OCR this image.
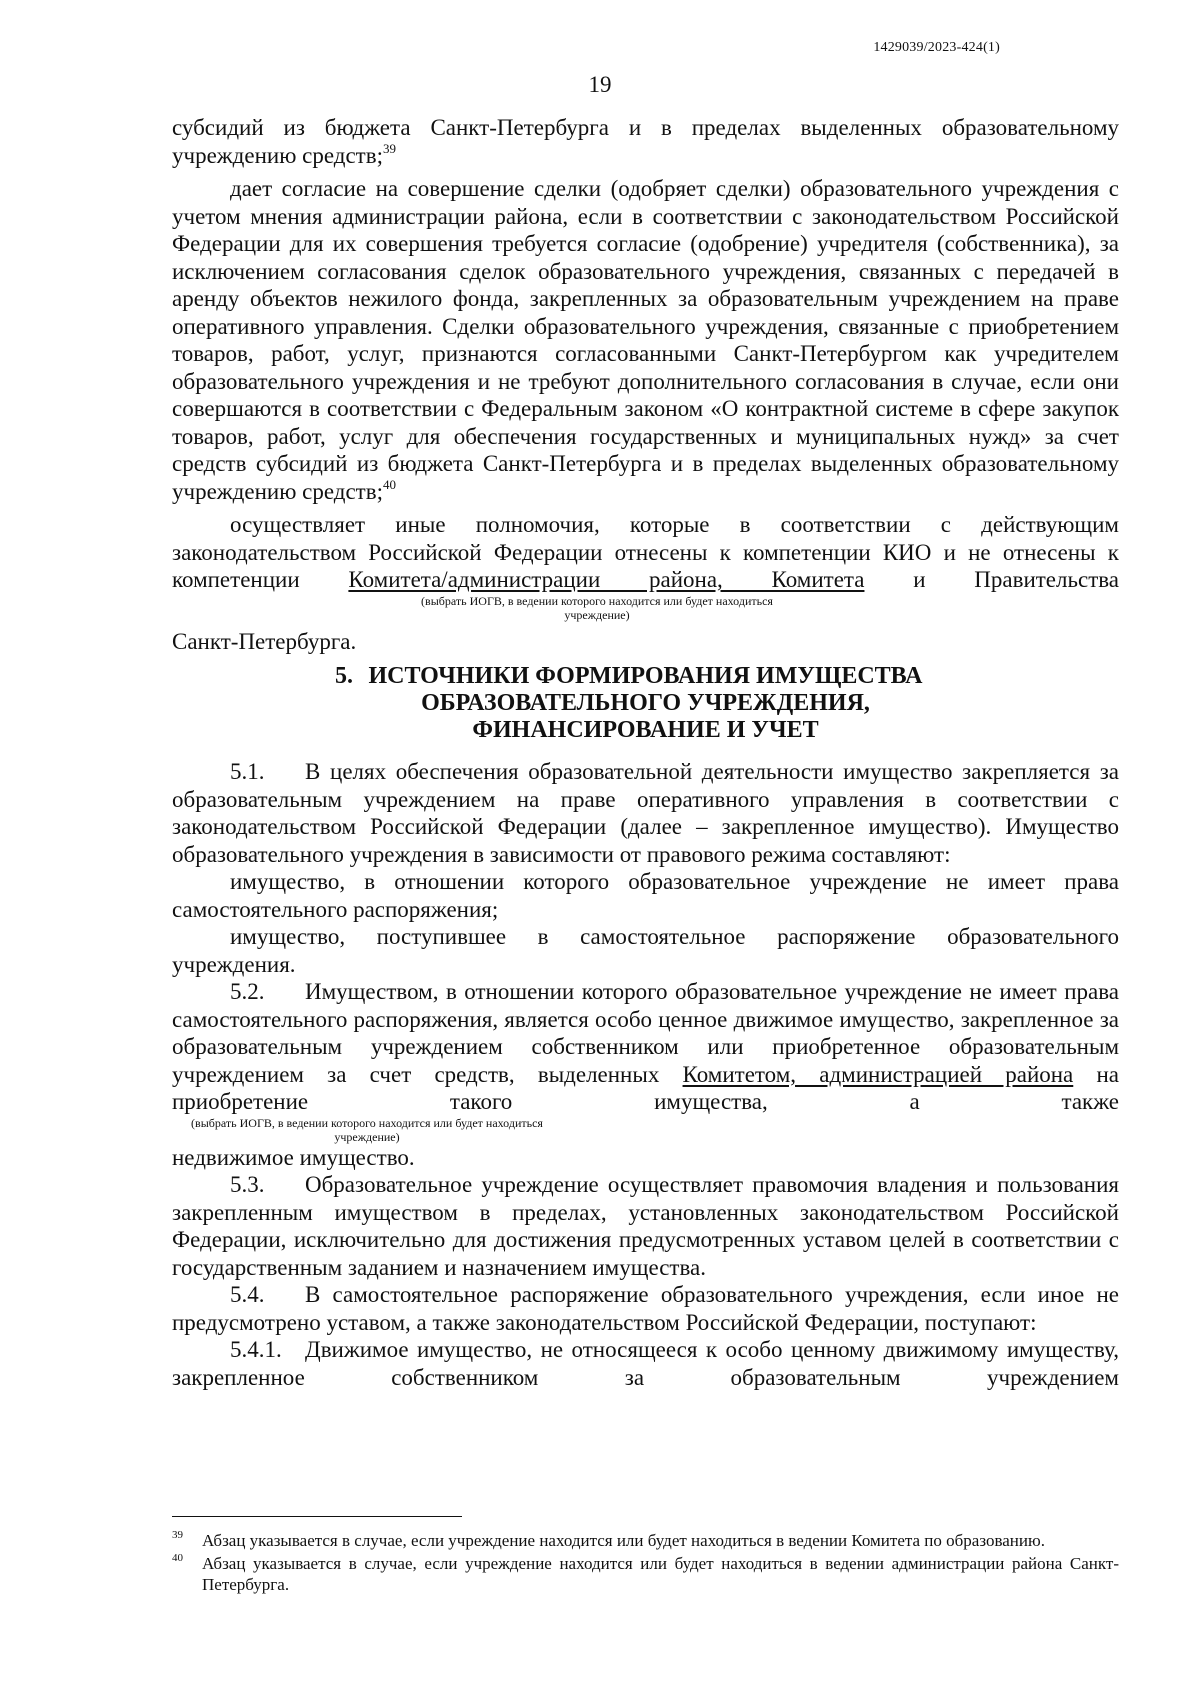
1429039/2023-424(1)
19

субсидий из бюджета Санкт-Петербурга и в пределах выделенных образовательному учреждению средств;$^{39}$

дает согласие на совершение сделки (одобряет сделки) образовательного учреждения с учетом мнения администрации района, если в соответствии с законодательством Российской Федерации для их совершения требуется согласие (одобрение) учредителя (собственника), за исключением согласования сделок образовательного учреждения, связанных с передачей в аренду объектов нежилого фонда, закрепленных за образовательным учреждением на праве оперативного управления. Сделки образовательного учреждения, связанные с приобретением товаров, работ, услуг, признаются согласованными Санкт-Петербургом как учредителем образовательного учреждения и не требуют дополнительного согласования в случае, если они совершаются в соответствии с Федеральным законом «О контрактной системе в сфере закупок товаров, работ, услуг для обеспечения государственных и муниципальных нужд» за счет средств субсидий из бюджета Санкт-Петербурга и в пределах выделенных образовательному учреждению средств;$^{40}$

осуществляет иные полномочия, которые в соответствии с действующим законодательством Российской Федерации отнесены к компетенции КИО и не отнесены к компетенции Комитета/администрации района, Комитета и Правительства

(выбрать ИОГВ, в ведении которого находится или будет находиться учреждение)

Санкт-Петербурга.

5. ИСТОЧНИКИ ФОРМИРОВАНИЯ ИМУЩЕСТВА
ОБРАЗОВАТЕЛЬНОГО УЧРЕЖДЕНИЯ,
ФИНАНСИРОВАНИЕ И УЧЕТ

5.1. В целях обеспечения образовательной деятельности имущество закрепляется за образовательным учреждением на праве оперативного управления в соответствии с законодательством Российской Федерации (далее – закрепленное имущество). Имущество образовательного учреждения в зависимости от правового режима составляют:

имущество, в отношении которого образовательное учреждение не имеет права самостоятельного распоряжения;

имущество, поступившее в самостоятельное распоряжение образовательного учреждения.

5.2. Имуществом, в отношении которого образовательное учреждение не имеет права самостоятельного распоряжения, является особо ценное движимое имущество, закрепленное за образовательным учреждением собственником или приобретенное образовательным учреждением за счет средств, выделенных Комитетом, администрацией района на приобретение такого имущества, а также

(выбрать ИОГВ, в ведении которого находится или будет находиться учреждение)

недвижимое имущество.

5.3. Образовательное учреждение осуществляет правомочия владения и пользования закрепленным имуществом в пределах, установленных законодательством Российской Федерации, исключительно для достижения предусмотренных уставом целей в соответствии с государственным заданием и назначением имущества.

5.4. В самостоятельное распоряжение образовательного учреждения, если иное не предусмотрено уставом, а также законодательством Российской Федерации, поступают:

5.4.1. Движимое имущество, не относящееся к особо ценному движимому имуществу, закрепленное собственником за образовательным учреждением

39 Абзац указывается в случае, если учреждение находится или будет находиться в ведении Комитета по образованию.

40 Абзац указывается в случае, если учреждение находится или будет находиться в ведении администрации района Санкт-Петербурга.
